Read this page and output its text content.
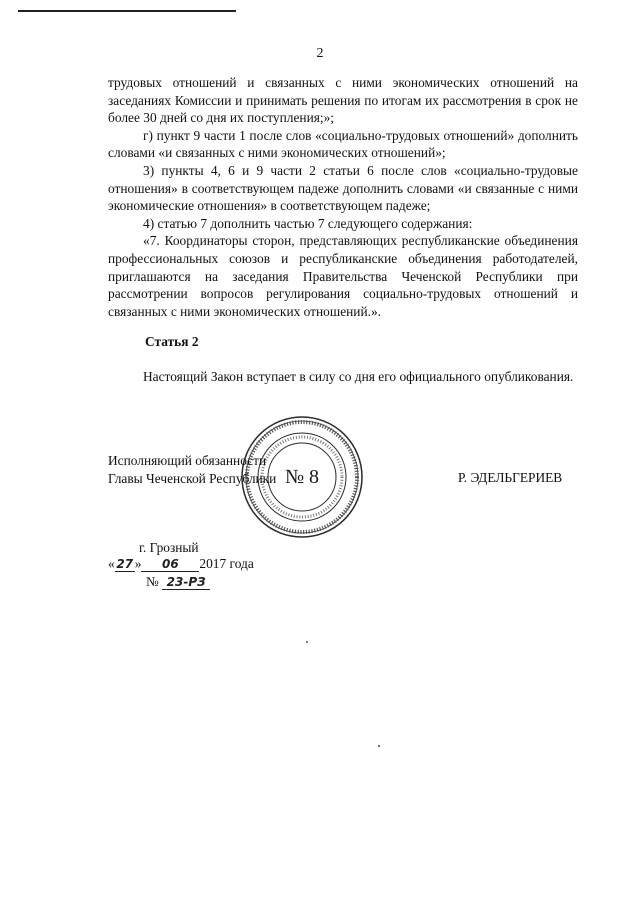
2

трудовых отношений и связанных с ними экономических отношений на заседаниях Комиссии и принимать решения по итогам их рассмотрения в срок не более 30 дней со дня их поступления;»;

г) пункт 9 части 1 после слов «социально-трудовых отношений» дополнить словами «и связанных с ними экономических отношений»;

3) пункты 4, 6 и 9 части 2 статьи 6 после слов «социально-трудовые отношения» в соответствующем падеже дополнить словами «и связанные с ними экономические отношения» в соответствующем падеже;

4) статью 7 дополнить частью 7 следующего содержания:

«7. Координаторы сторон, представляющих республиканские объединения профессиональных союзов и республиканские объединения работодателей, приглашаются на заседания Правительства Чеченской Республики при рассмотрении вопросов регулирования социально-трудовых отношений и связанных с ними экономических отношений.».

Статья 2

Настоящий Закон вступает в силу со дня его официального опубликования.

№ 8
Исполняющий обязанности
Главы Чеченской Республики	Р. ЭДЕЛЬГЕРИЕВ
г. Грозный
« 27 » 06 2017 года
№ 23-РЗ
